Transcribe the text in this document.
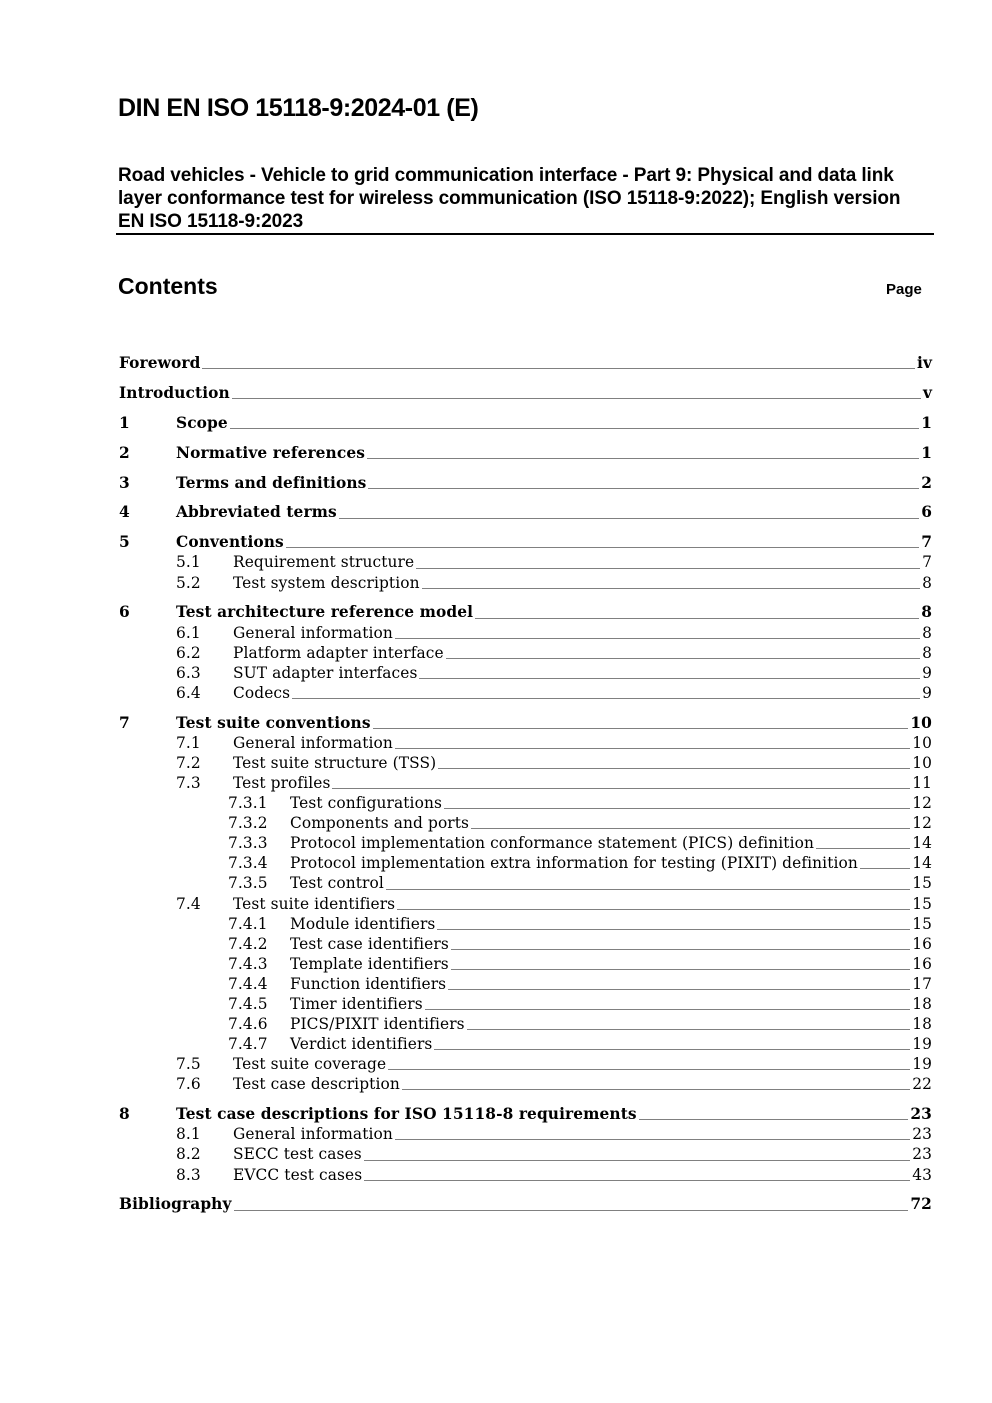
DIN EN ISO 15118-9:2024-01 (E)
Road vehicles - Vehicle to grid communication interface - Part 9: Physical and data link layer conformance test for wireless communication (ISO 15118-9:2022); English version EN ISO 15118-9:2023
Contents	Page
Foreword	iv
Introduction	v
1	Scope	1
2	Normative references	1
3	Terms and definitions	2
4	Abbreviated terms	6
5	Conventions	7
5.1	Requirement structure	7
5.2	Test system description	8
6	Test architecture reference model	8
6.1	General information	8
6.2	Platform adapter interface	8
6.3	SUT adapter interfaces	9
6.4	Codecs	9
7	Test suite conventions	10
7.1	General information	10
7.2	Test suite structure (TSS)	10
7.3	Test profiles	11
7.3.1	Test configurations	12
7.3.2	Components and ports	12
7.3.3	Protocol implementation conformance statement (PICS) definition	14
7.3.4	Protocol implementation extra information for testing (PIXIT) definition	14
7.3.5	Test control	15
7.4	Test suite identifiers	15
7.4.1	Module identifiers	15
7.4.2	Test case identifiers	16
7.4.3	Template identifiers	16
7.4.4	Function identifiers	17
7.4.5	Timer identifiers	18
7.4.6	PICS/PIXIT identifiers	18
7.4.7	Verdict identifiers	19
7.5	Test suite coverage	19
7.6	Test case description	22
8	Test case descriptions for ISO 15118-8 requirements	23
8.1	General information	23
8.2	SECC test cases	23
8.3	EVCC test cases	43
Bibliography	72
